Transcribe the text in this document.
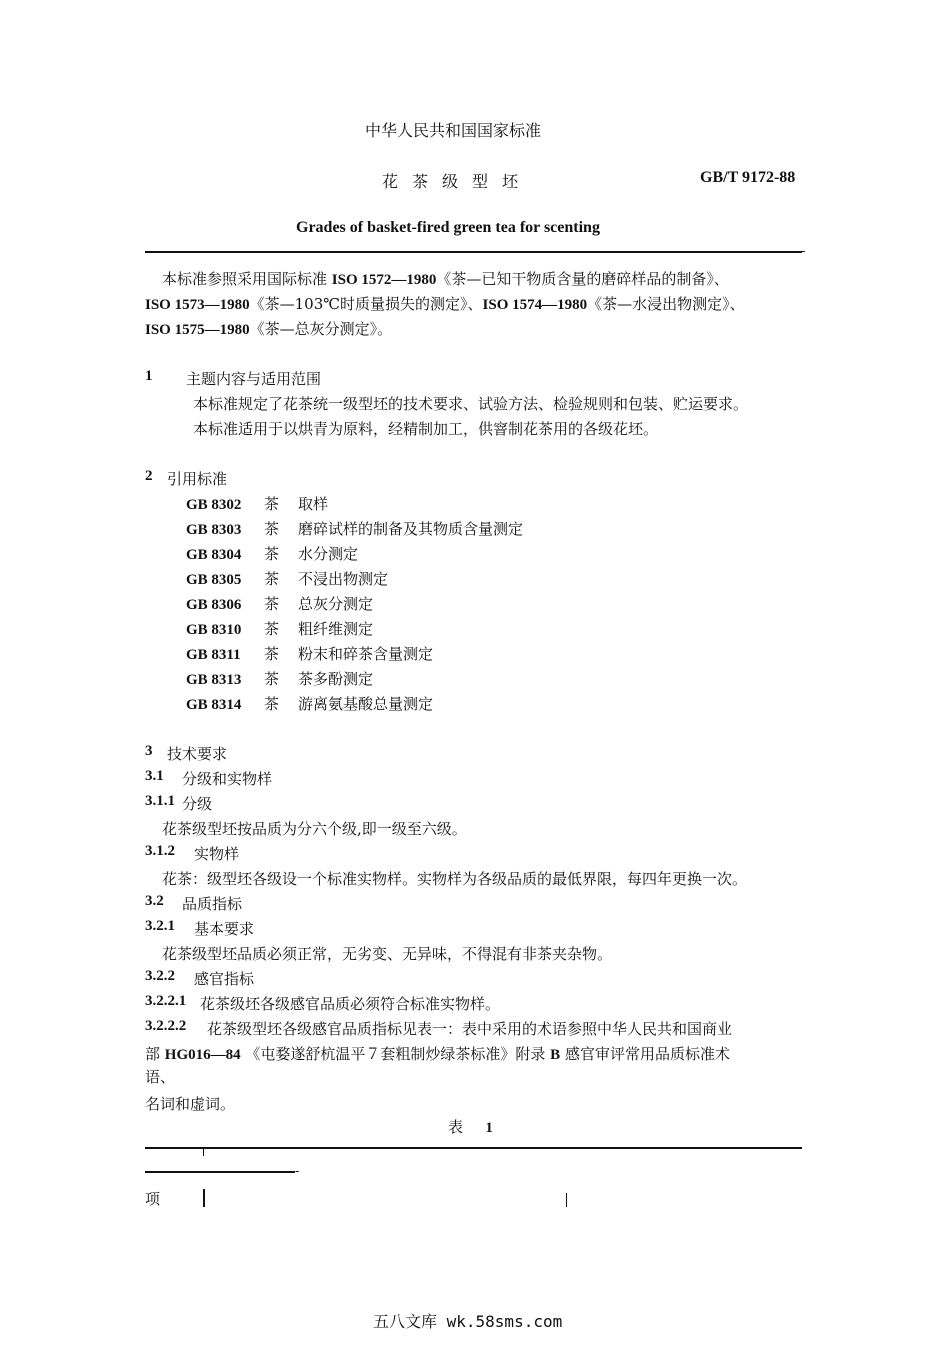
中华人民共和国国家标准
花茶级型坯	GB/T 9172-88
Grades of basket-fired green tea for scenting
-
本标准参照采用国际标准 ISO 1572—1980《茶—已知干物质含量的磨碎样品的制备》、
ISO 1573—1980《茶—103℃时质量损失的测定》、ISO 1574—1980《茶—水浸出物测定》、
ISO 1575—1980《茶—总灰分测定》。
1 主题内容与适用范围
本标准规定了花茶统一级型坯的技术要求、试验方法、检验规则和包装、贮运要求。
本标准适用于以烘青为原料，经精制加工，供窨制花茶用的各级花坯。
2 引用标准
GB 8302 茶 取样
GB 8303 茶 磨碎试样的制备及其物质含量测定
GB 8304 茶 水分测定
GB 8305 茶 不浸出物测定
GB 8306 茶 总灰分测定
GB 8310 茶 粗纤维测定
GB 8311 茶 粉末和碎茶含量测定
GB 8313 茶 茶多酚测定
GB 8314 茶 游离氨基酸总量测定
3 技术要求
3.1 分级和实物样
3.1.1 分级
花茶级型坯按品质为分六个级,即一级至六级。
3.1.2 实物样
花茶：级型坯各级设一个标准实物样。实物样为各级品质的最低界限，每四年更换一次。
3.2 品质指标
3.2.1 基本要求
花茶级型坯品质必须正常，无劣变、无异味，不得混有非茶夹杂物。
3.2.2 感官指标
3.2.2.1 花茶级坯各级感官品质必须符合标准实物样。
3.2.2.2 花茶级型坯各级感官品质指标见表一：表中采用的术语参照中华人民共和国商业
部 HG016—84 《屯婺遂舒杭温平７套粗制炒绿茶标准》附录 B 感官审评常用品质标准术
语、
名词和虚词。
表 1
-
项
五八文库 wk.58sms.com
